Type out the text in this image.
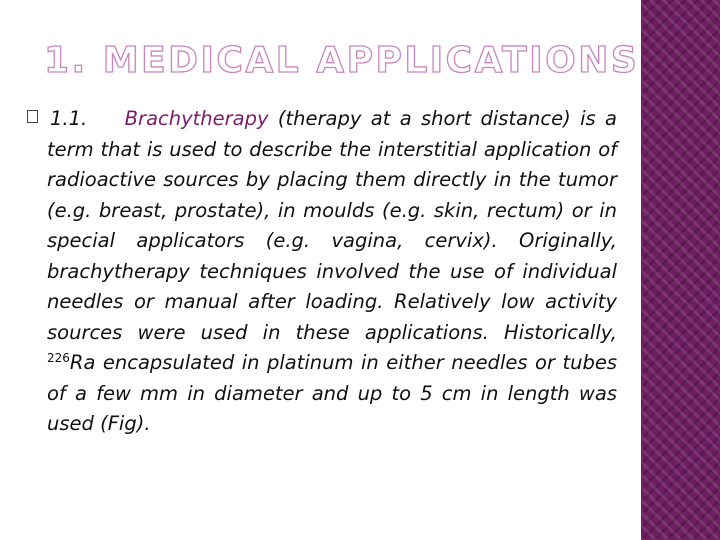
1. MEDICAL APPLICATIONS

1.1. Brachytherapy (therapy at a short distance) is a term that is used to describe the interstitial application of radioactive sources by placing them directly in the tumor (e.g. breast, prostate), in moulds (e.g. skin, rectum) or in special applicators (e.g. vagina, cervix). Originally, brachytherapy techniques involved the use of individual needles or manual after loading. Relatively low activity sources were used in these applications. Historically, $^{226}$Ra encapsulated in platinum in either needles or tubes of a few mm in diameter and up to 5 cm in length was used (Fig).
